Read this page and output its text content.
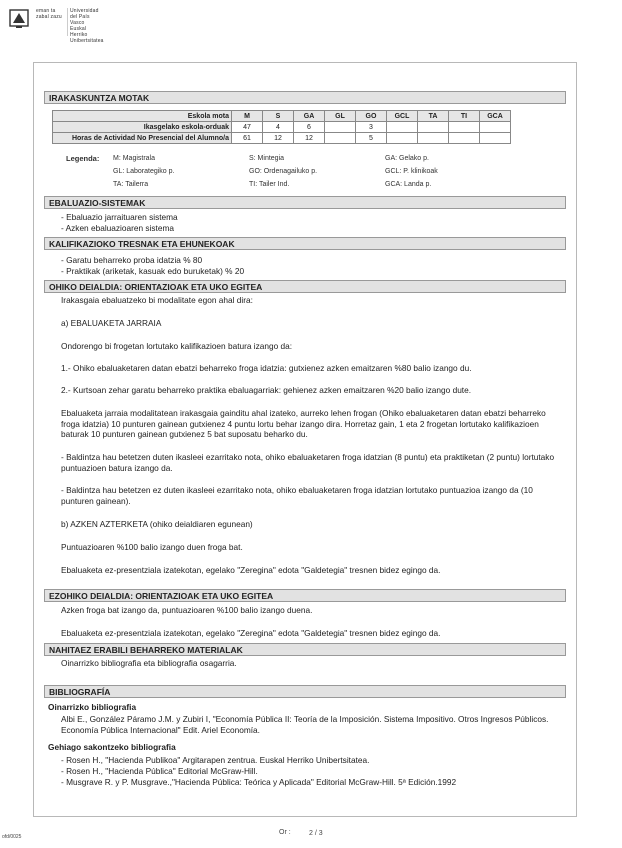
eman ta zabal zazu
Universidad del País Vasco
Euskal Herriko Unibertsitatea
IRAKASKUNTZA MOTAK
Eskola mota	M	S	GA	GL	GO	GCL	TA	TI	GCA
Ikasgelako eskola-orduak	47	4	6		3				
Horas de Actividad No Presencial del Alumno/a	61	12	12		5				
Legenda: M: Magistrala	S: Mintegia	GA: Gelako p.
GL: Laborategiko p.	GO: Ordenagailuko p.	GCL: P. klinikoak
TA: Tailerra	TI: Tailer Ind.	GCA: Landa p.
EBALUAZIO-SISTEMAK
- Ebaluazio jarraituaren sistema
- Azken ebaluazioaren sistema
KALIFIKAZIOKO TRESNAK ETA EHUNEKOAK
- Garatu beharreko proba idatzia % 80
- Praktikak (ariketak, kasuak edo buruketak) % 20
OHIKO DEIALDIA: ORIENTAZIOAK ETA UKO EGITEA
Irakasgaia ebaluatzeko bi modalitate egon ahal dira:
a) EBALUAKETA JARRAIA
Ondorengo bi frogetan lortutako kalifikazioen batura izango da:
1.- Ohiko ebaluaketaren datan ebatzi beharreko froga idatzia: gutxienez azken emaitzaren %80 balio izango du.
2.- Kurtsoan zehar garatu beharreko praktika ebaluagarriak: gehienez azken emaitzaren %20 balio izango dute.
Ebaluaketa jarraia modalitatean irakasgaia gainditu ahal izateko, aurreko lehen frogan (Ohiko ebaluaketaren datan ebatzi beharreko froga idatzia) 10 punturen gainean gutxienez 4 puntu lortu behar izango dira. Horretaz gain, 1 eta 2 frogetan lortutako kalifikazioen baturak 10 punturen gainean gutxienez 5 bat suposatu beharko du.
- Baldintza hau betetzen duten ikasleei ezarritako nota, ohiko ebaluaketaren froga idatzian (8 puntu) eta praktiketan (2 puntu) lortutako puntuazioen batura izango da.
- Baldintza hau betetzen ez duten ikasleei ezarritako nota, ohiko ebaluaketaren froga idatzian lortutako puntuazioa izango da (10 punturen gainean).
b) AZKEN AZTERKETA (ohiko deialdiaren egunean)
Puntuazioaren %100 balio izango duen froga bat.
Ebaluaketa ez-presentziala izatekotan, egelako "Zeregina" edota "Galdetegia" tresnen bidez egingo da.
EZOHIKO DEIALDIA: ORIENTAZIOAK ETA UKO EGITEA
Azken froga bat izango da, puntuazioaren %100 balio izango duena.
Ebaluaketa ez-presentziala izatekotan, egelako "Zeregina" edota "Galdetegia" tresnen bidez egingo da.
NAHITAEZ ERABILI BEHARREKO MATERIALAK
Oinarrizko bibliografia eta bibliografia osagarria.
BIBLIOGRAFÍA
Oinarrizko bibliografia
Albi E., González Páramo J.M. y Zubiri I, "Economía Pública II: Teoría de la Imposición. Sistema Impositivo. Otros Ingresos Públicos. Economía Pública Internacional" Edit. Ariel Economía.
Gehiago sakontzeko bibliografia
- Rosen H., "Hacienda Publikoa" Argitarapen zentrua. Euskal Herriko Unibertsitatea.
- Rosen H., "Hacienda Pública" Editorial McGraw-Hill.
- Musgrave R. y P. Musgrave.,"Hacienda Pública: Teórica y Aplicada" Editorial McGraw-Hill. 5ª Edición.1992
ofd/0025
Or :	2 / 3
